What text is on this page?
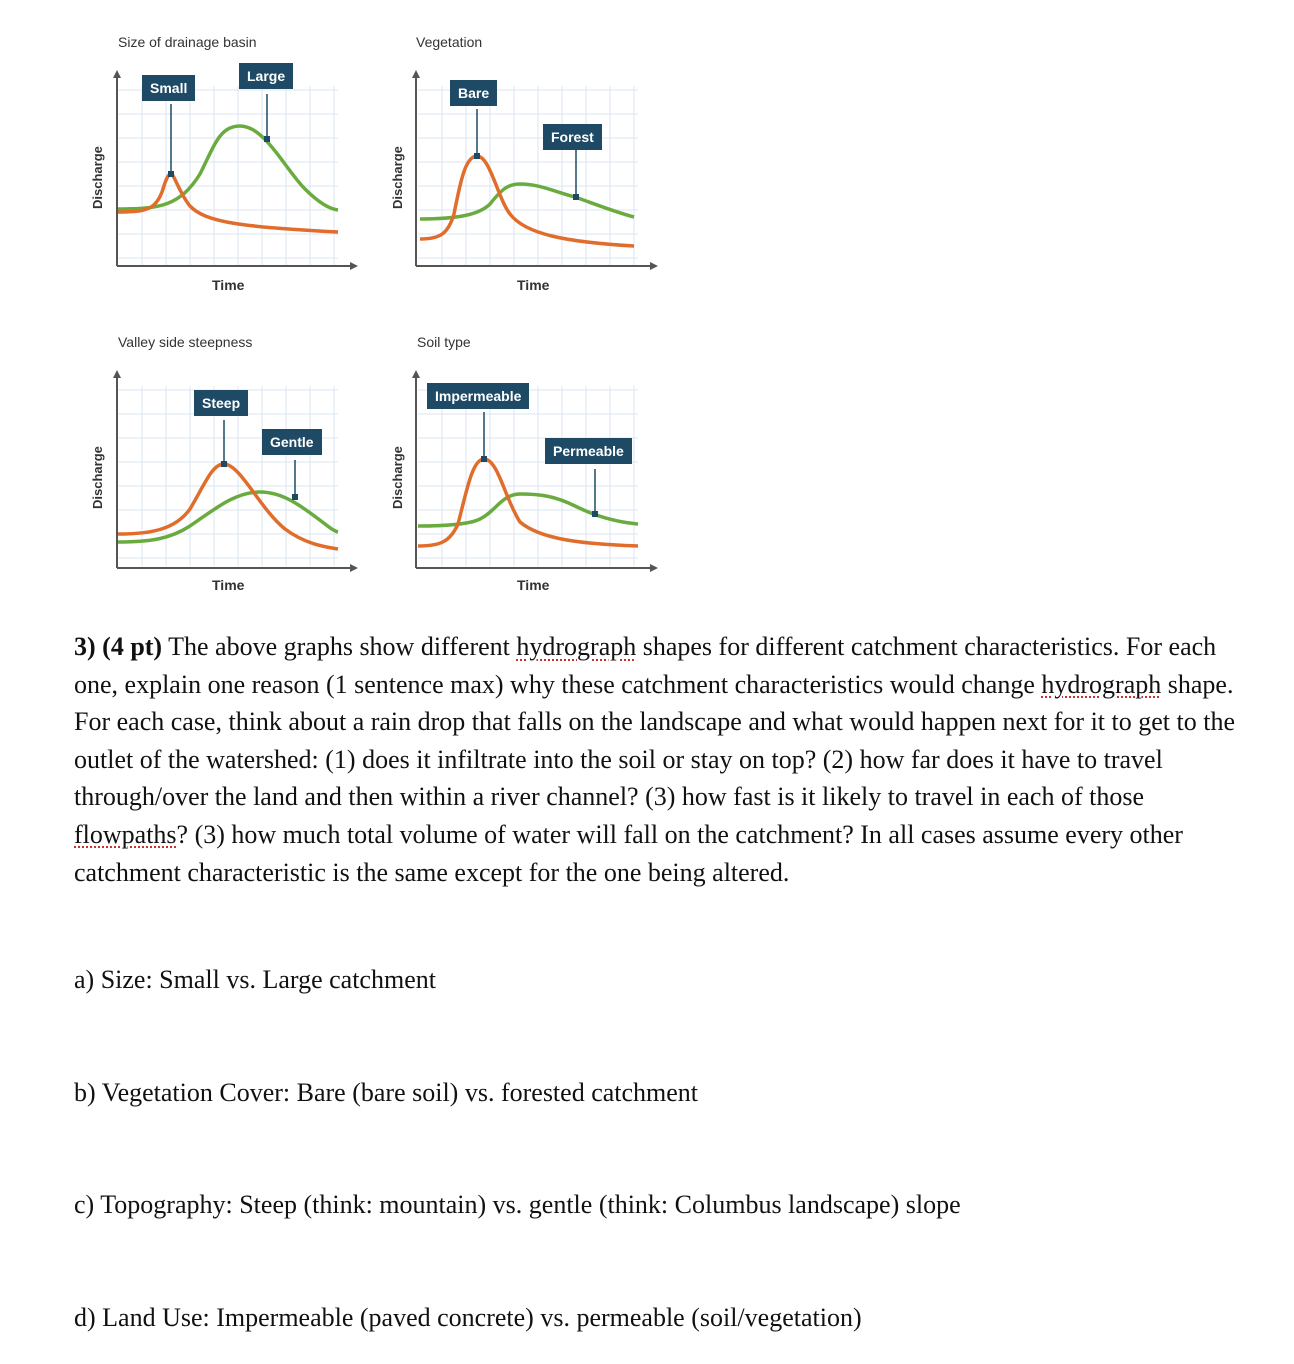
Size of drainage basin
Small
Large
Discharge
Time
Vegetation
Bare
Forest
Discharge
Time
Valley side steepness
Steep
Gentle
Discharge
Time
Soil type
Impermeable
Permeable
Discharge
Time
3) (4 pt) The above graphs show different hydrograph shapes for different catchment characteristics. For each one, explain one reason (1 sentence max) why these catchment characteristics would change hydrograph shape. For each case, think about a rain drop that falls on the landscape and what would happen next for it to get to the outlet of the watershed: (1) does it infiltrate into the soil or stay on top? (2) how far does it have to travel through/over the land and then within a river channel? (3) how fast is it likely to travel in each of those flowpaths? (3) how much total volume of water will fall on the catchment? In all cases assume every other catchment characteristic is the same except for the one being altered.
a) Size: Small vs. Large catchment
b) Vegetation Cover: Bare (bare soil) vs. forested catchment
c) Topography: Steep (think: mountain) vs. gentle (think: Columbus landscape) slope
d) Land Use: Impermeable (paved concrete) vs. permeable (soil/vegetation)
